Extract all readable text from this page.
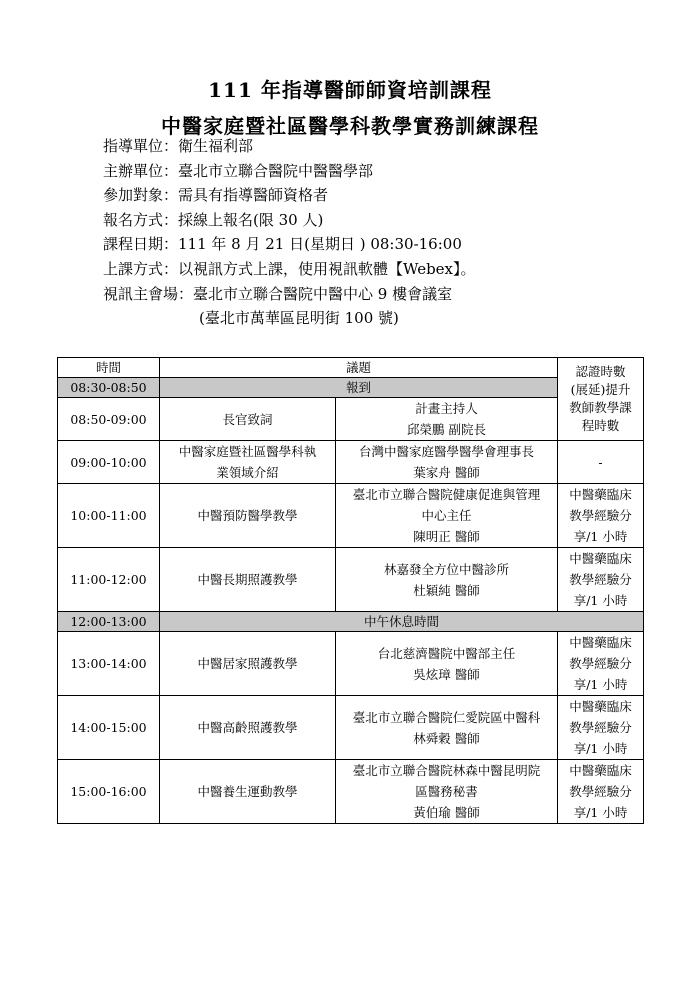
111 年指導醫師師資培訓課程
中醫家庭暨社區醫學科教學實務訓練課程
指導單位：衛生福利部
主辦單位：臺北市立聯合醫院中醫醫學部
參加對象：需具有指導醫師資格者
報名方式：採線上報名(限 30 人)
課程日期：111 年 8 月 21 日(星期日 ) 08:30-16:00
上課方式：以視訊方式上課，使用視訊軟體【Webex】。
視訊主會場：臺北市立聯合醫院中醫中心 9 樓會議室
(臺北市萬華區昆明街 100 號)
時間	議題		認證時數
(展延)提升
教師教學課
程時數

08:30-08:50	報到		
08:50-09:00	長官致詞	計畫主持人
邱榮鵬 副院長	

09:00-10:00	中醫家庭暨社區醫學科執
業領域介紹	台灣中醫家庭醫學醫學會理事長
葉家舟 醫師	-

10:00-11:00	中醫預防醫學教學	臺北市立聯合醫院健康促進與管理
中心主任
陳明正 醫師	中醫藥臨床
教學經驗分
享/1 小時

11:00-12:00	中醫長期照護教學	林嘉發全方位中醫診所
杜穎純 醫師	中醫藥臨床
教學經驗分
享/1 小時

12:00-13:00	中午休息時間		
13:00-14:00	中醫居家照護教學	台北慈濟醫院中醫部主任
吳炫璋 醫師	中醫藥臨床
教學經驗分
享/1 小時

14:00-15:00	中醫高齡照護教學	臺北市立聯合醫院仁愛院區中醫科
林舜穀 醫師	中醫藥臨床
教學經驗分
享/1 小時

15:00-16:00	中醫養生運動教學	臺北市立聯合醫院林森中醫昆明院
區醫務秘書
黃伯瑜 醫師	中醫藥臨床
教學經驗分
享/1 小時
